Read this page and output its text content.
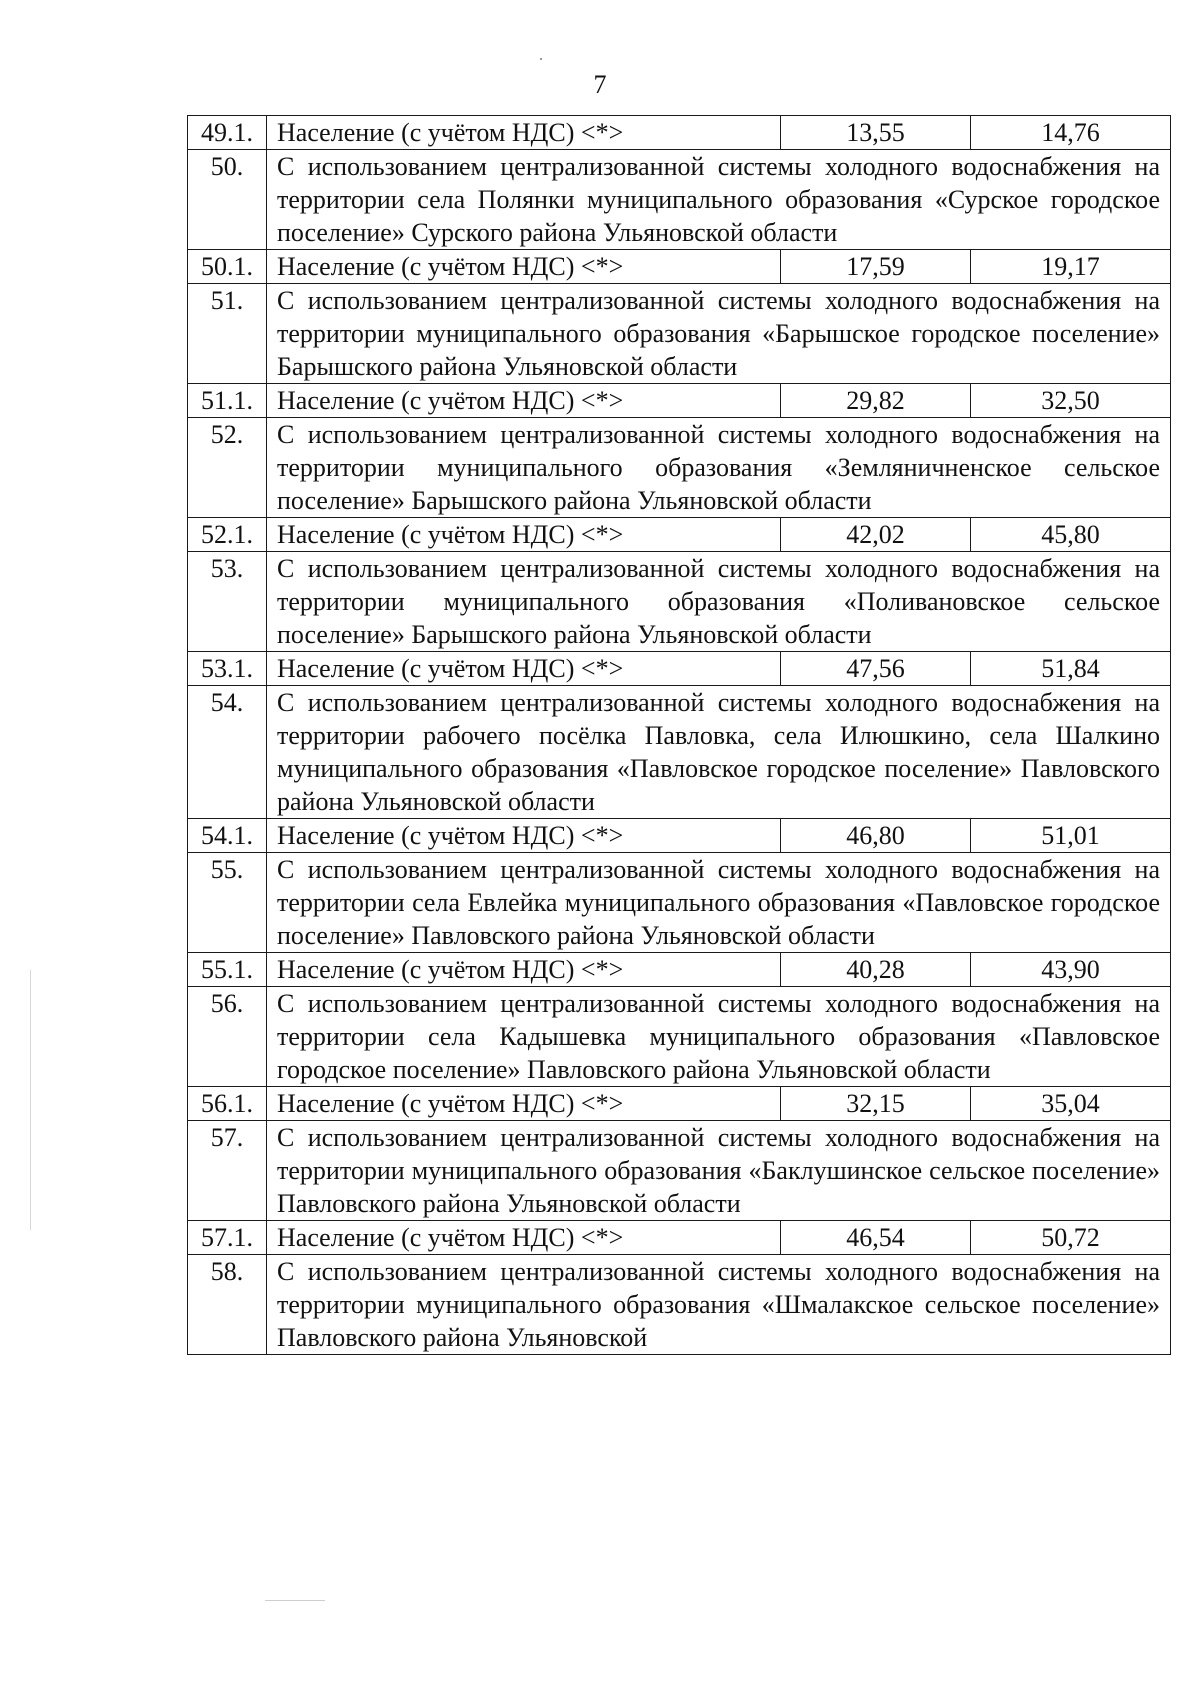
7
49.1.	Население (с учётом НДС) <*>	13,55	14,76
50.	С использованием централизованной системы холодного водоснабжения на территории села Полянки муниципального образования «Сурское городское поселение» Сурского района Ульяновской области		
50.1.	Население (с учётом НДС) <*>	17,59	19,17
51.	С использованием централизованной системы холодного водоснабжения на территории муниципального образования «Барышское городское поселение» Барышского района Ульяновской области		
51.1.	Население (с учётом НДС) <*>	29,82	32,50
52.	С использованием централизованной системы холодного водоснабжения на территории муниципального образования «Земляничненское сельское поселение» Барышского района Ульяновской области		
52.1.	Население (с учётом НДС) <*>	42,02	45,80
53.	С использованием централизованной системы холодного водоснабжения на территории муниципального образования «Поливановское сельское поселение» Барышского района Ульяновской области		
53.1.	Население (с учётом НДС) <*>	47,56	51,84
54.	С использованием централизованной системы холодного водоснабжения на территории рабочего посёлка Павловка, села Илюшкино, села Шалкино муниципального образования «Павловское городское поселение» Павловского района Ульяновской области		
54.1.	Население (с учётом НДС) <*>	46,80	51,01
55.	С использованием централизованной системы холодного водоснабжения на территории села Евлейка муниципального образования «Павловское городское поселение» Павловского района Ульяновской области		
55.1.	Население (с учётом НДС) <*>	40,28	43,90
56.	С использованием централизованной системы холодного водоснабжения на территории села Кадышевка муниципального образования «Павловское городское поселение» Павловского района Ульяновской области		
56.1.	Население (с учётом НДС) <*>	32,15	35,04
57.	С использованием централизованной системы холодного водоснабжения на территории муниципального образования «Баклушинское сельское поселение» Павловского района Ульяновской области		
57.1.	Население (с учётом НДС) <*>	46,54	50,72
58.	С использованием централизованной системы холодного водоснабжения на территории муниципального образования «Шмалакское сельское поселение» Павловского района Ульяновской		
